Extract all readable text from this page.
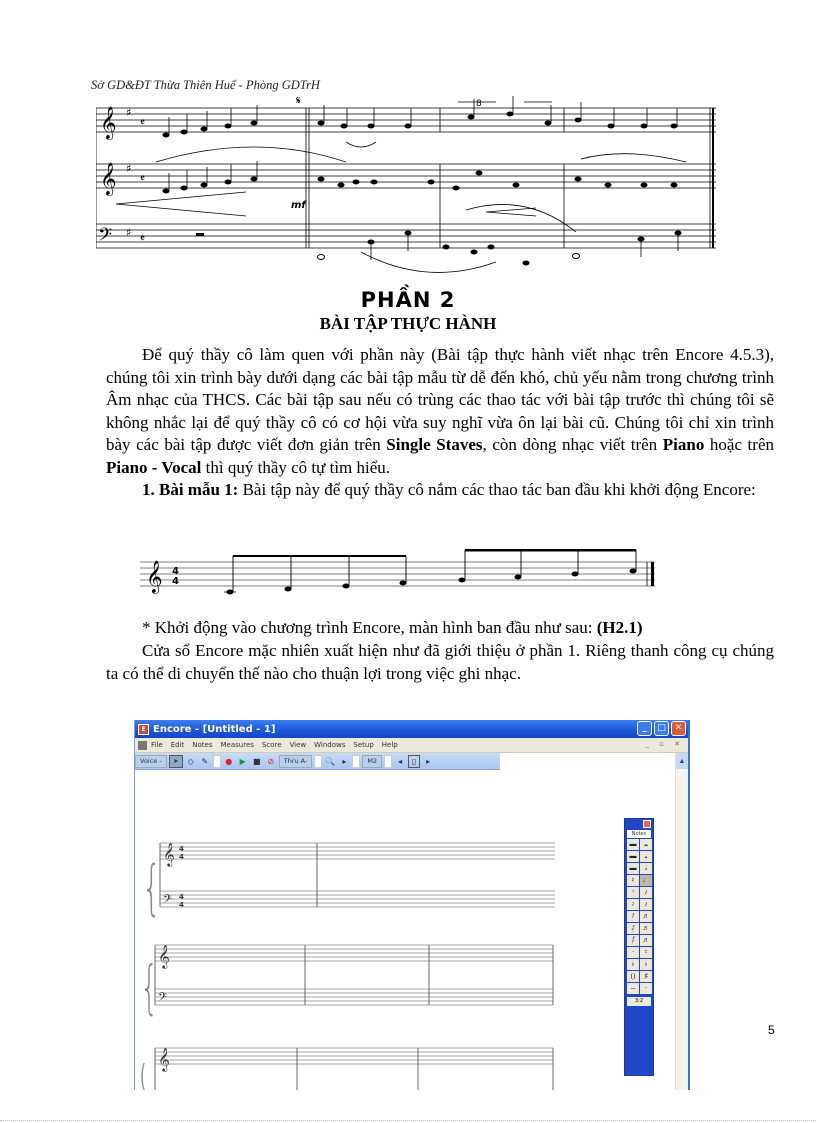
Sở GD&ĐT Thừa Thiên Huế - Phòng GDTrH
𝄞
𝄞
𝄢
♯
♯
♯
𝄵
𝄵
𝄵
𝄋
mf
8
PHẦN 2
BÀI TẬP THỰC HÀNH
Để quý thầy cô làm quen với phần này (Bài tập thực hành viết nhạc trên Encore 4.5.3), chúng tôi xin trình bày dưới dạng các bài tập mẫu từ dễ đến khó, chủ yếu nằm trong chương trình Âm nhạc của THCS. Các bài tập sau nếu có trùng các thao tác với bài tập trước thì chúng tôi sẽ không nhắc lại để quý thầy cô có cơ hội vừa suy nghĩ vừa ôn lại bài cũ. Chúng tôi chỉ xin trình bày các bài tập được viết đơn giản trên Single Staves, còn dòng nhạc viết trên Piano hoặc trên Piano - Vocal thì quý thầy cô tự tìm hiểu.
1. Bài mẫu 1: Bài tập này để quý thầy cô nắm các thao tác ban đầu khi khởi động Encore:
𝄞 4
4
* Khởi động vào chương trình Encore, màn hình ban đầu như sau: (H2.1)
Cửa sổ Encore mặc nhiên xuất hiện như đã giới thiệu ở phần 1. Riêng thanh công cụ chúng ta có thể di chuyển thế nào cho thuận lợi trong việc ghi nhạc.
E Encore - [Untitled - 1]	_	□ ✕
File Edit Notes Measures Score View Windows Setup Help	_ ▫ ✕
Voice -	➤	◇ ✎	● ▶ ■ ⊘	Thru A-	🔍 ▸	M2	◂	▯	▸	▲
{
{
(
𝄞
𝄢
𝄞
𝄢
𝄞
4
4
4
4
Notes
▬	𝅜
▬	𝅝
▬	𝅗𝅥
𝄽	♩
𝄾	♪
𝄿	♪
𝅀	♬
𝅁	♬
𝅂	♬
·	♮
♭	♭
()	♯
--	·
3:2
5
